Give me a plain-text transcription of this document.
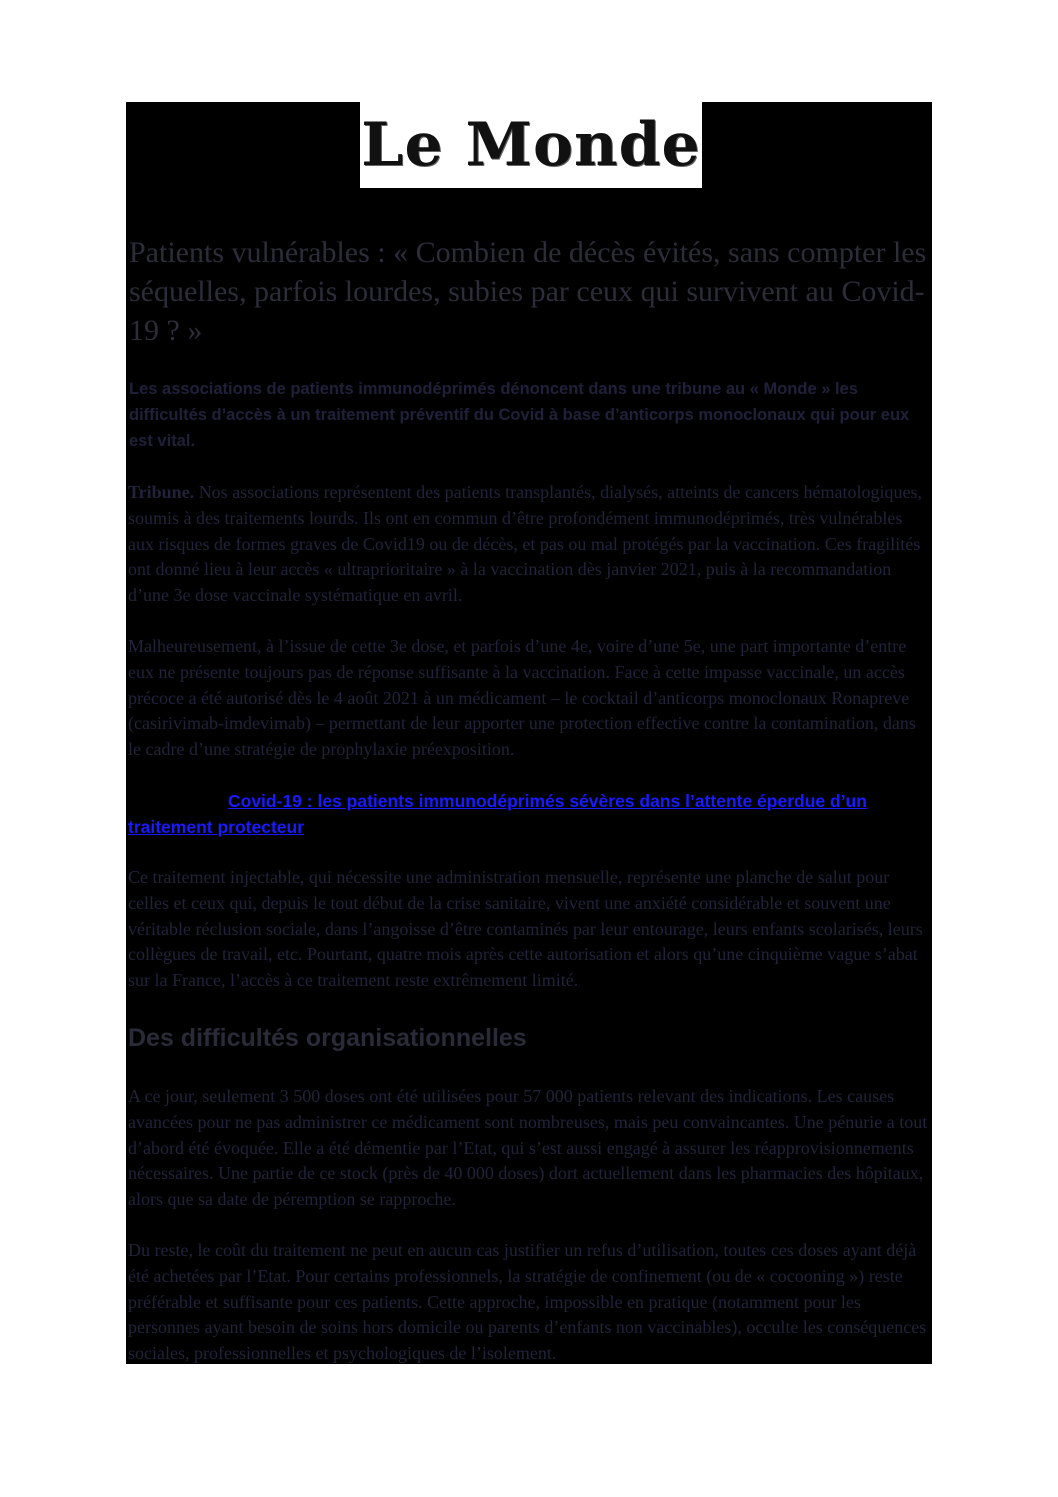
Le Monde
Patients vulnérables : « Combien de décès évités, sans compter les séquelles, parfois lourdes, subies par ceux qui survivent au Covid-19 ? »

Les associations de patients immunodéprimés dénoncent dans une tribune au « Monde » les difficultés d’accès à un traitement préventif du Covid à base d’anticorps monoclonaux qui pour eux est vital.

Tribune. Nos associations représentent des patients transplantés, dialysés, atteints de cancers hématologiques, soumis à des traitements lourds. Ils ont en commun d’être profondément immunodéprimés, très vulnérables aux risques de formes graves de Covid19 ou de décès, et pas ou mal protégés par la vaccination. Ces fragilités ont donné lieu à leur accès « ultraprioritaire » à la vaccination dès janvier 2021, puis à la recommandation d’une 3e dose vaccinale systématique en avril.

Malheureusement, à l’issue de cette 3e dose, et parfois d’une 4e, voire d’une 5e, une part importante d’entre eux ne présente toujours pas de réponse suffisante à la vaccination. Face à cette impasse vaccinale, un accès précoce a été autorisé dès le 4 août 2021 à un médicament – le cocktail d’anticorps monoclonaux Ronapreve (casirivimab-imdevimab) – permettant de leur apporter une protection effective contre la contamination, dans le cadre d’une stratégie de prophylaxie préexposition.

Covid-19 : les patients immunodéprimés sévères dans l’attente éperdue d’un traitement protecteur

Ce traitement injectable, qui nécessite une administration mensuelle, représente une planche de salut pour celles et ceux qui, depuis le tout début de la crise sanitaire, vivent une anxiété considérable et souvent une véritable réclusion sociale, dans l’angoisse d’être contaminés par leur entourage, leurs enfants scolarisés, leurs collègues de travail, etc. Pourtant, quatre mois après cette autorisation et alors qu’une cinquième vague s’abat sur la France, l’accès à ce traitement reste extrêmement limité.

Des difficultés organisationnelles

A ce jour, seulement 3 500 doses ont été utilisées pour 57 000 patients relevant des indications. Les causes avancées pour ne pas administrer ce médicament sont nombreuses, mais peu convaincantes. Une pénurie a tout d’abord été évoquée. Elle a été démentie par l’Etat, qui s’est aussi engagé à assurer les réapprovisionnements nécessaires. Une partie de ce stock (près de 40 000 doses) dort actuellement dans les pharmacies des hôpitaux, alors que sa date de péremption se rapproche.

Du reste, le coût du traitement ne peut en aucun cas justifier un refus d’utilisation, toutes ces doses ayant déjà été achetées par l’Etat. Pour certains professionnels, la stratégie de confinement (ou de « cocooning ») reste préférable et suffisante pour ces patients. Cette approche, impossible en pratique (notamment pour les personnes ayant besoin de soins hors domicile ou parents d’enfants non vaccinables), occulte les conséquences sociales, professionnelles et psychologiques de l’isolement.
